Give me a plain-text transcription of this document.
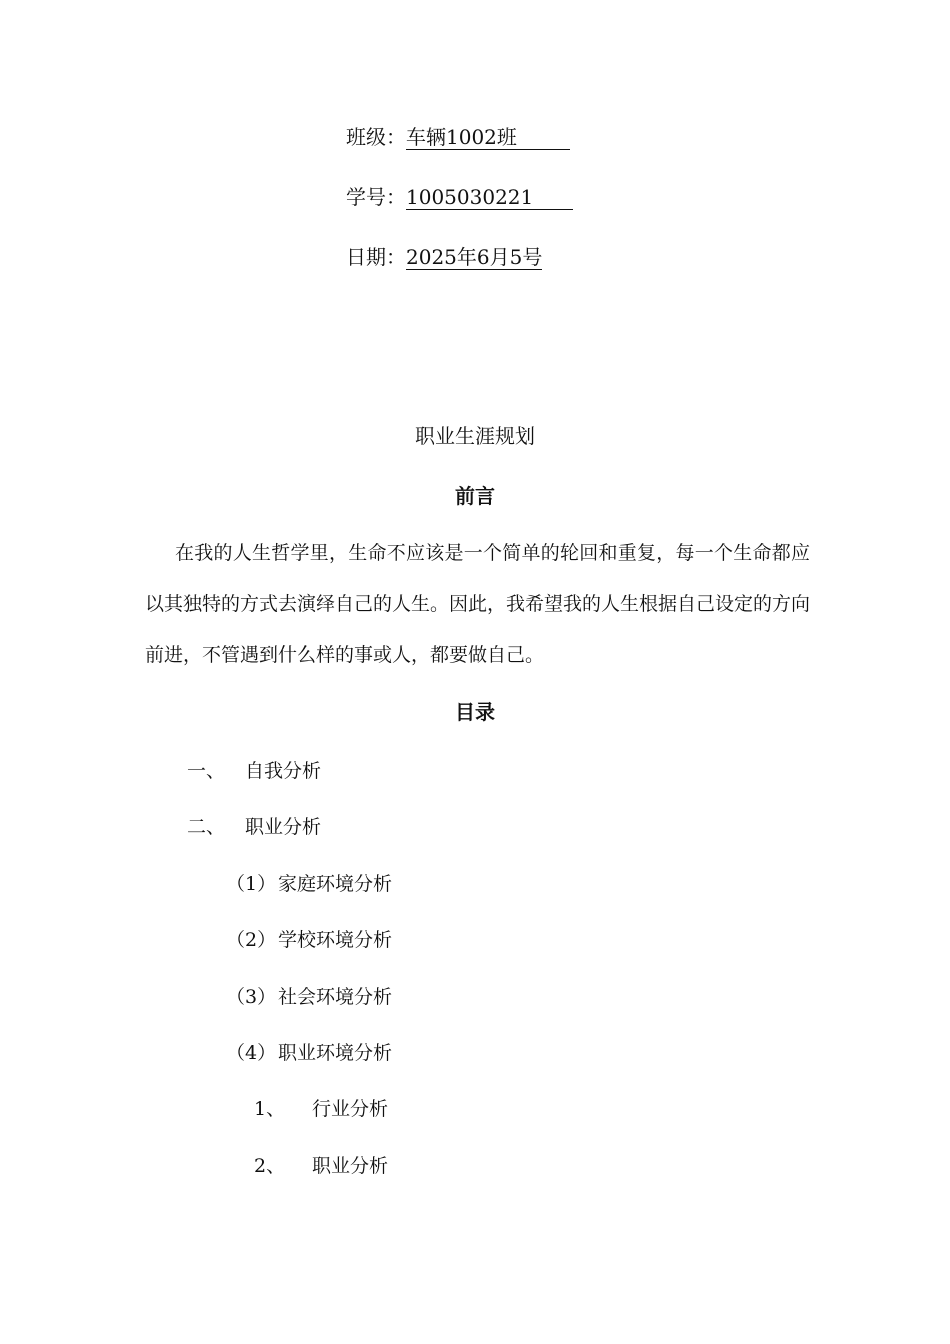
班级：车辆1002班
学号：1005030221
日期：2025年6月5号
职业生涯规划
前言
在我的人生哲学里，生命不应该是一个简单的轮回和重复，每一个生命都应以其独特的方式去演绎自己的人生。因此，我希望我的人生根据自己设定的方向前进，不管遇到什么样的事或人，都要做自己。
目录
一、 自我分析
二、 职业分析
（1） 家庭环境分析
（2） 学校环境分析
（3） 社会环境分析
（4） 职业环境分析
1、 行业分析
2、 职业分析
